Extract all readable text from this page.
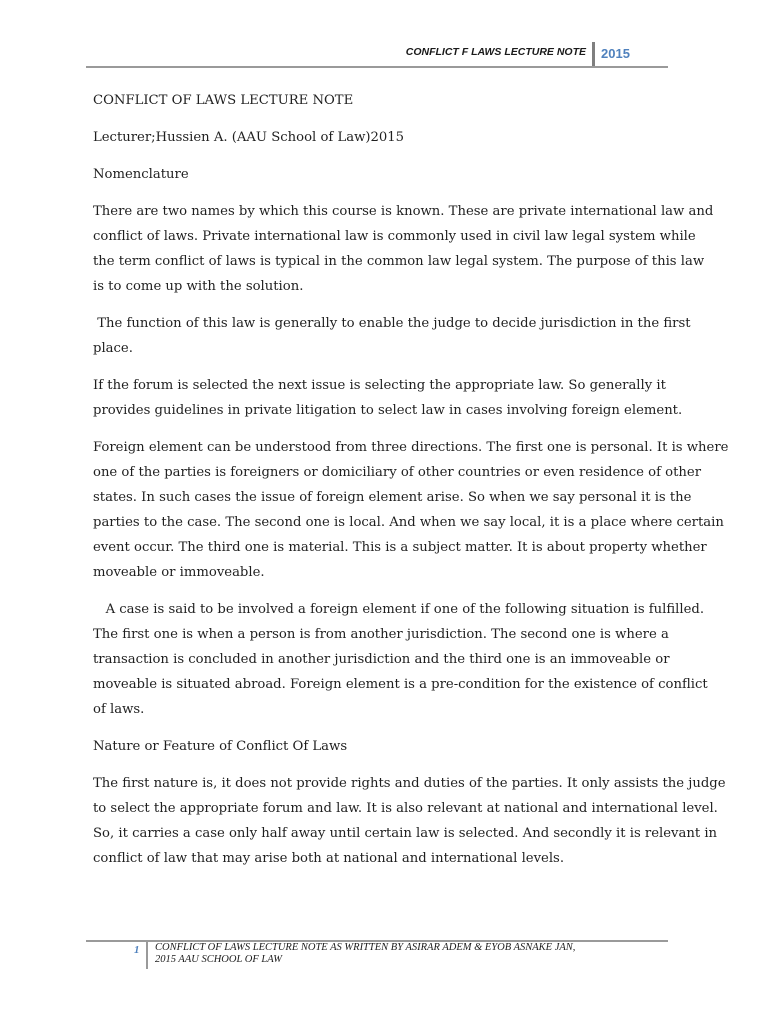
CONFLICT F LAWS LECTURE NOTE 2015

CONFLICT OF LAWS LECTURE NOTE

Lecturer;Hussien A. (AAU School of Law)2015

Nomenclature

There are two names by which this course is known. These are private international law and

conflict of laws. Private international law is commonly used in civil law legal system while

the term conflict of laws is typical in the common law legal system. The purpose of this law

is to come up with the solution.

The function of this law is generally to enable the judge to decide jurisdiction in the first

place.

If the forum is selected the next issue is selecting the appropriate law. So generally it

provides guidelines in private litigation to select law in cases involving foreign element.

Foreign element can be understood from three directions. The first one is personal. It is where

one of the parties is foreigners or domiciliary of other countries or even residence of other

states. In such cases the issue of foreign element arise. So when we say personal it is the

parties to the case. The second one is local. And when we say local, it is a place where certain

event occur. The third one is material. This is a subject matter. It is about property whether

moveable or immoveable.

A case is said to be involved a foreign element if one of the following situation is fulfilled.

The first one is when a person is from another jurisdiction. The second one is where a

transaction is concluded in another jurisdiction and the third one is an immoveable or

moveable is situated abroad. Foreign element is a pre-condition for the existence of conflict

of laws.

Nature or Feature of Conflict Of Laws

The first nature is, it does not provide rights and duties of the parties. It only assists the judge

to select the appropriate forum and law. It is also relevant at national and international level.

So, it carries a case only half away until certain law is selected. And secondly it is relevant in

conflict of law that may arise both at national and international levels.

1 CONFLICT OF LAWS LECTURE NOTE AS WRITTEN BY ASIRAR ADEM & EYOB ASNAKE JAN,
2015 AAU SCHOOL OF LAW
